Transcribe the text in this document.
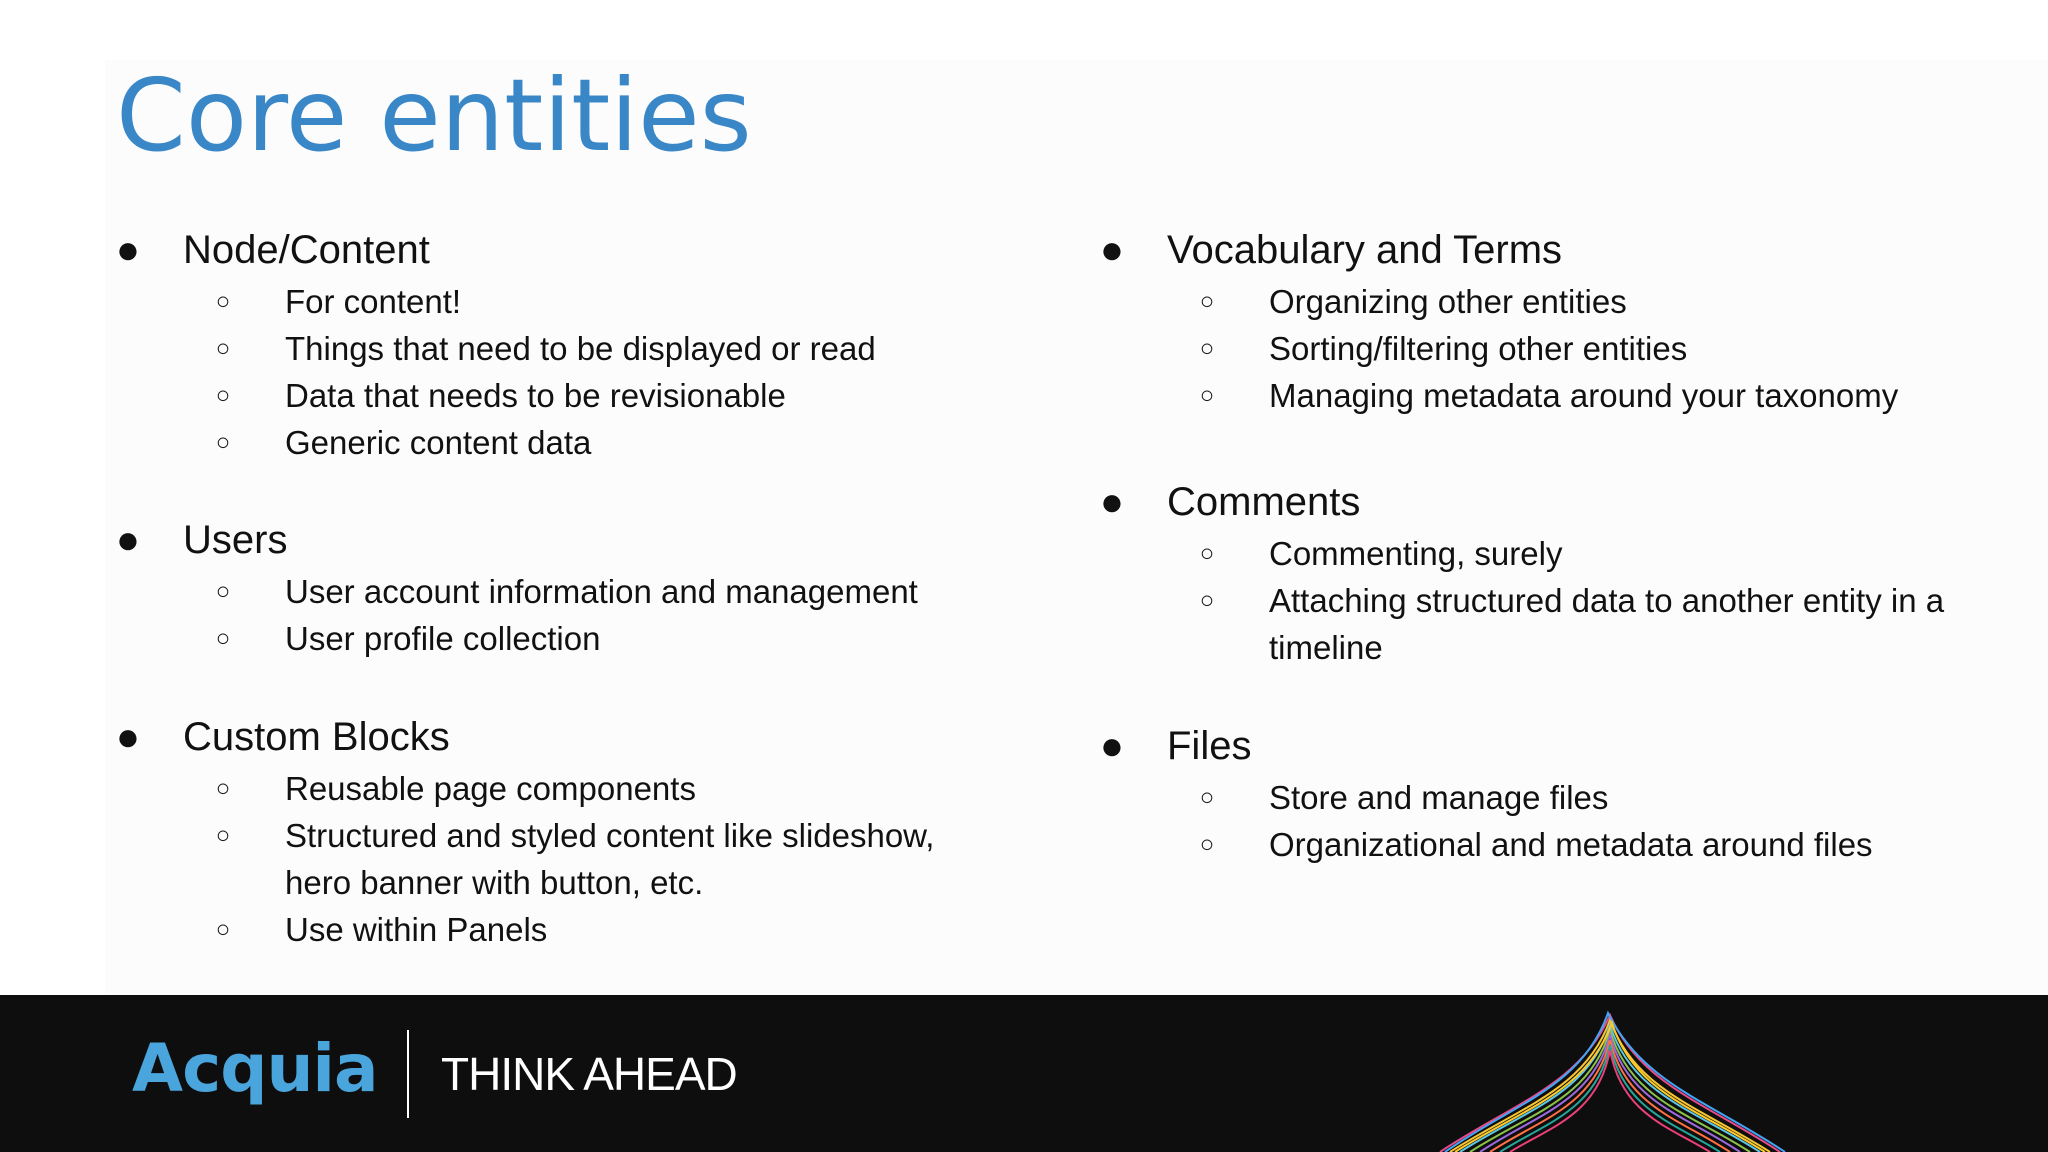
Core entities
● Node/Content
○ For content!
○ Things that need to be displayed or read
○ Data that needs to be revisionable
○ Generic content data
● Users
○ User account information and management
○ User profile collection
● Custom Blocks
○ Reusable page components
○ Structured and styled content like slideshow,
hero banner with button, etc.
○ Use within Panels
● Vocabulary and Terms
○ Organizing other entities
○ Sorting/filtering other entities
○ Managing metadata around your taxonomy
● Comments
○ Commenting, surely
○ Attaching structured data to another entity in a
timeline
● Files
○ Store and manage files
○ Organizational and metadata around files
Acquia THINK AHEAD
